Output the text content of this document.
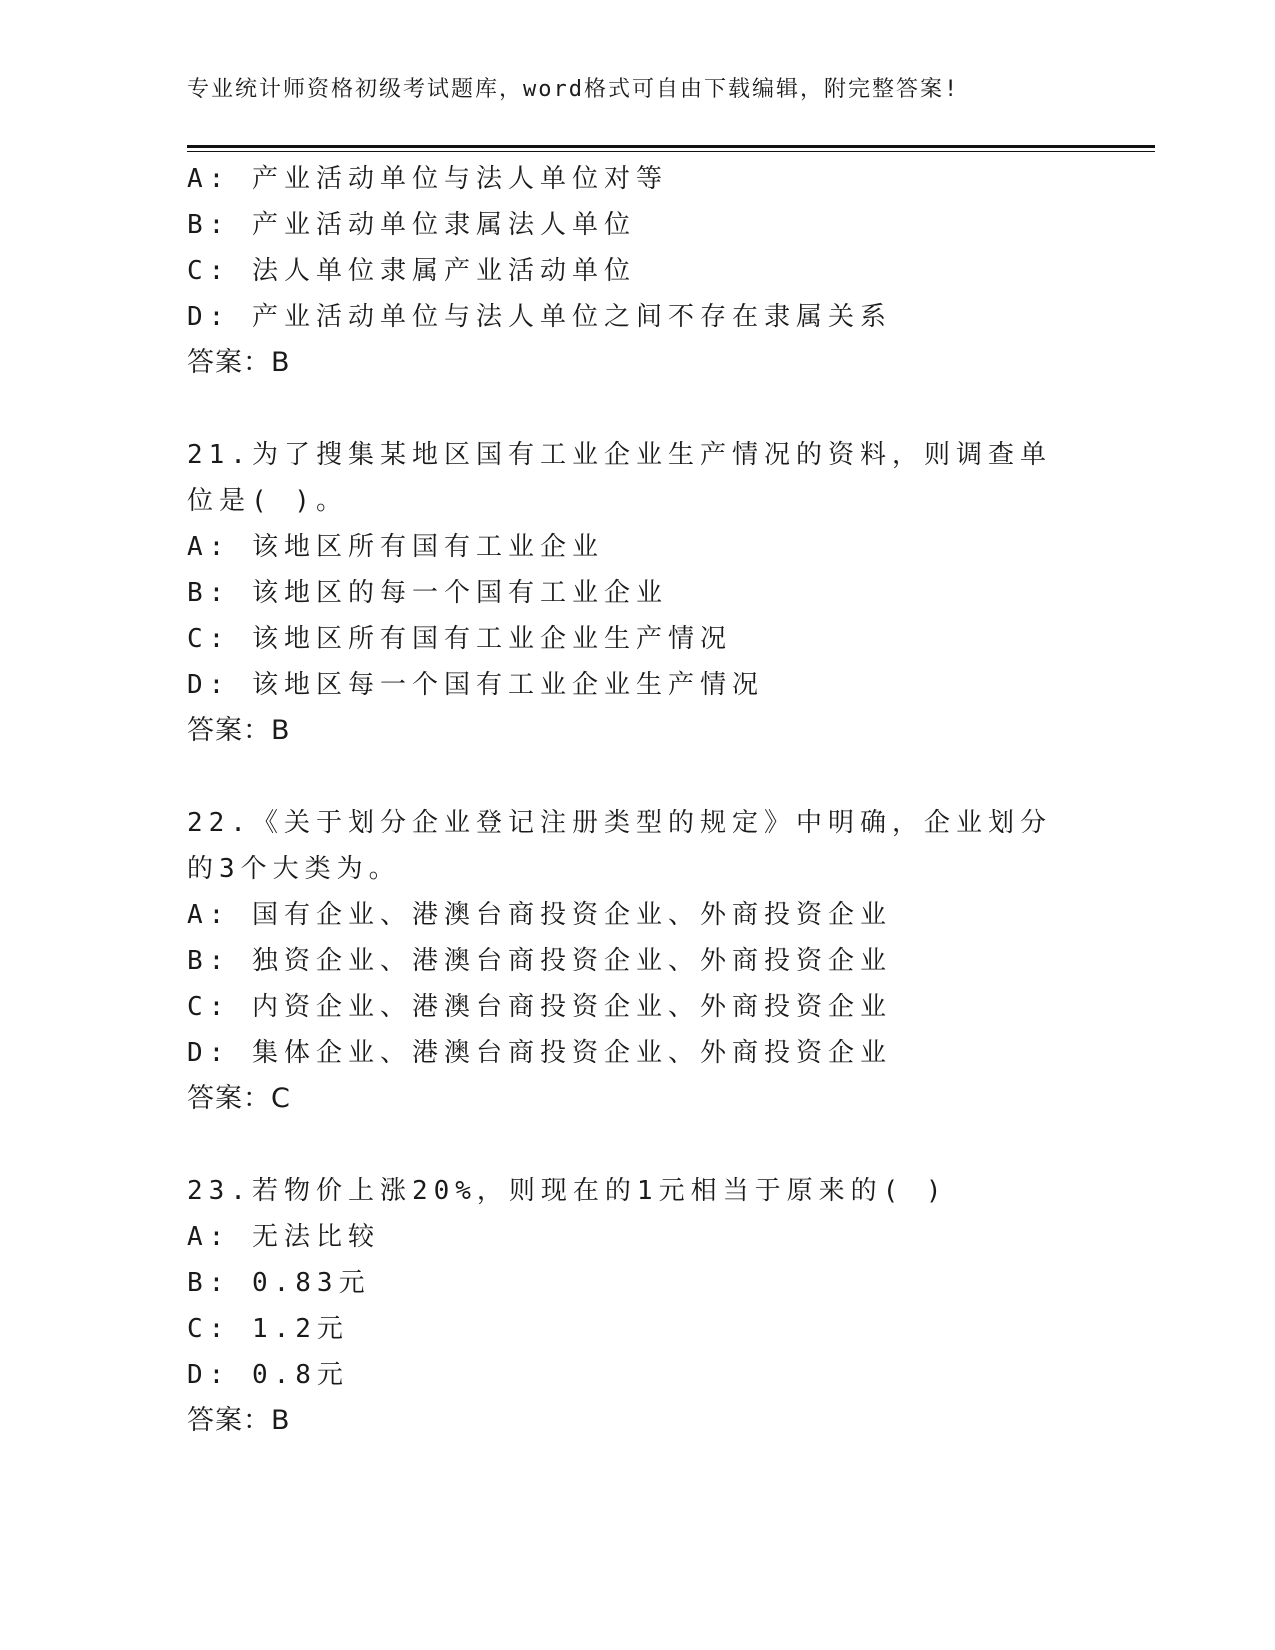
专业统计师资格初级考试题库，word格式可自由下载编辑，附完整答案!
A: 产业活动单位与法人单位对等
B: 产业活动单位隶属法人单位
C: 法人单位隶属产业活动单位
D: 产业活动单位与法人单位之间不存在隶属关系
答案：B
21.为了搜集某地区国有工业企业生产情况的资料，则调查单位是( )。
A: 该地区所有国有工业企业
B: 该地区的每一个国有工业企业
C: 该地区所有国有工业企业生产情况
D: 该地区每一个国有工业企业生产情况
答案：B
22.《关于划分企业登记注册类型的规定》中明确，企业划分的3个大类为。
A: 国有企业、港澳台商投资企业、外商投资企业
B: 独资企业、港澳台商投资企业、外商投资企业
C: 内资企业、港澳台商投资企业、外商投资企业
D: 集体企业、港澳台商投资企业、外商投资企业
答案：C
23.若物价上涨20%，则现在的1元相当于原来的( )
A: 无法比较
B: 0.83元
C: 1.2元
D: 0.8元
答案：B
